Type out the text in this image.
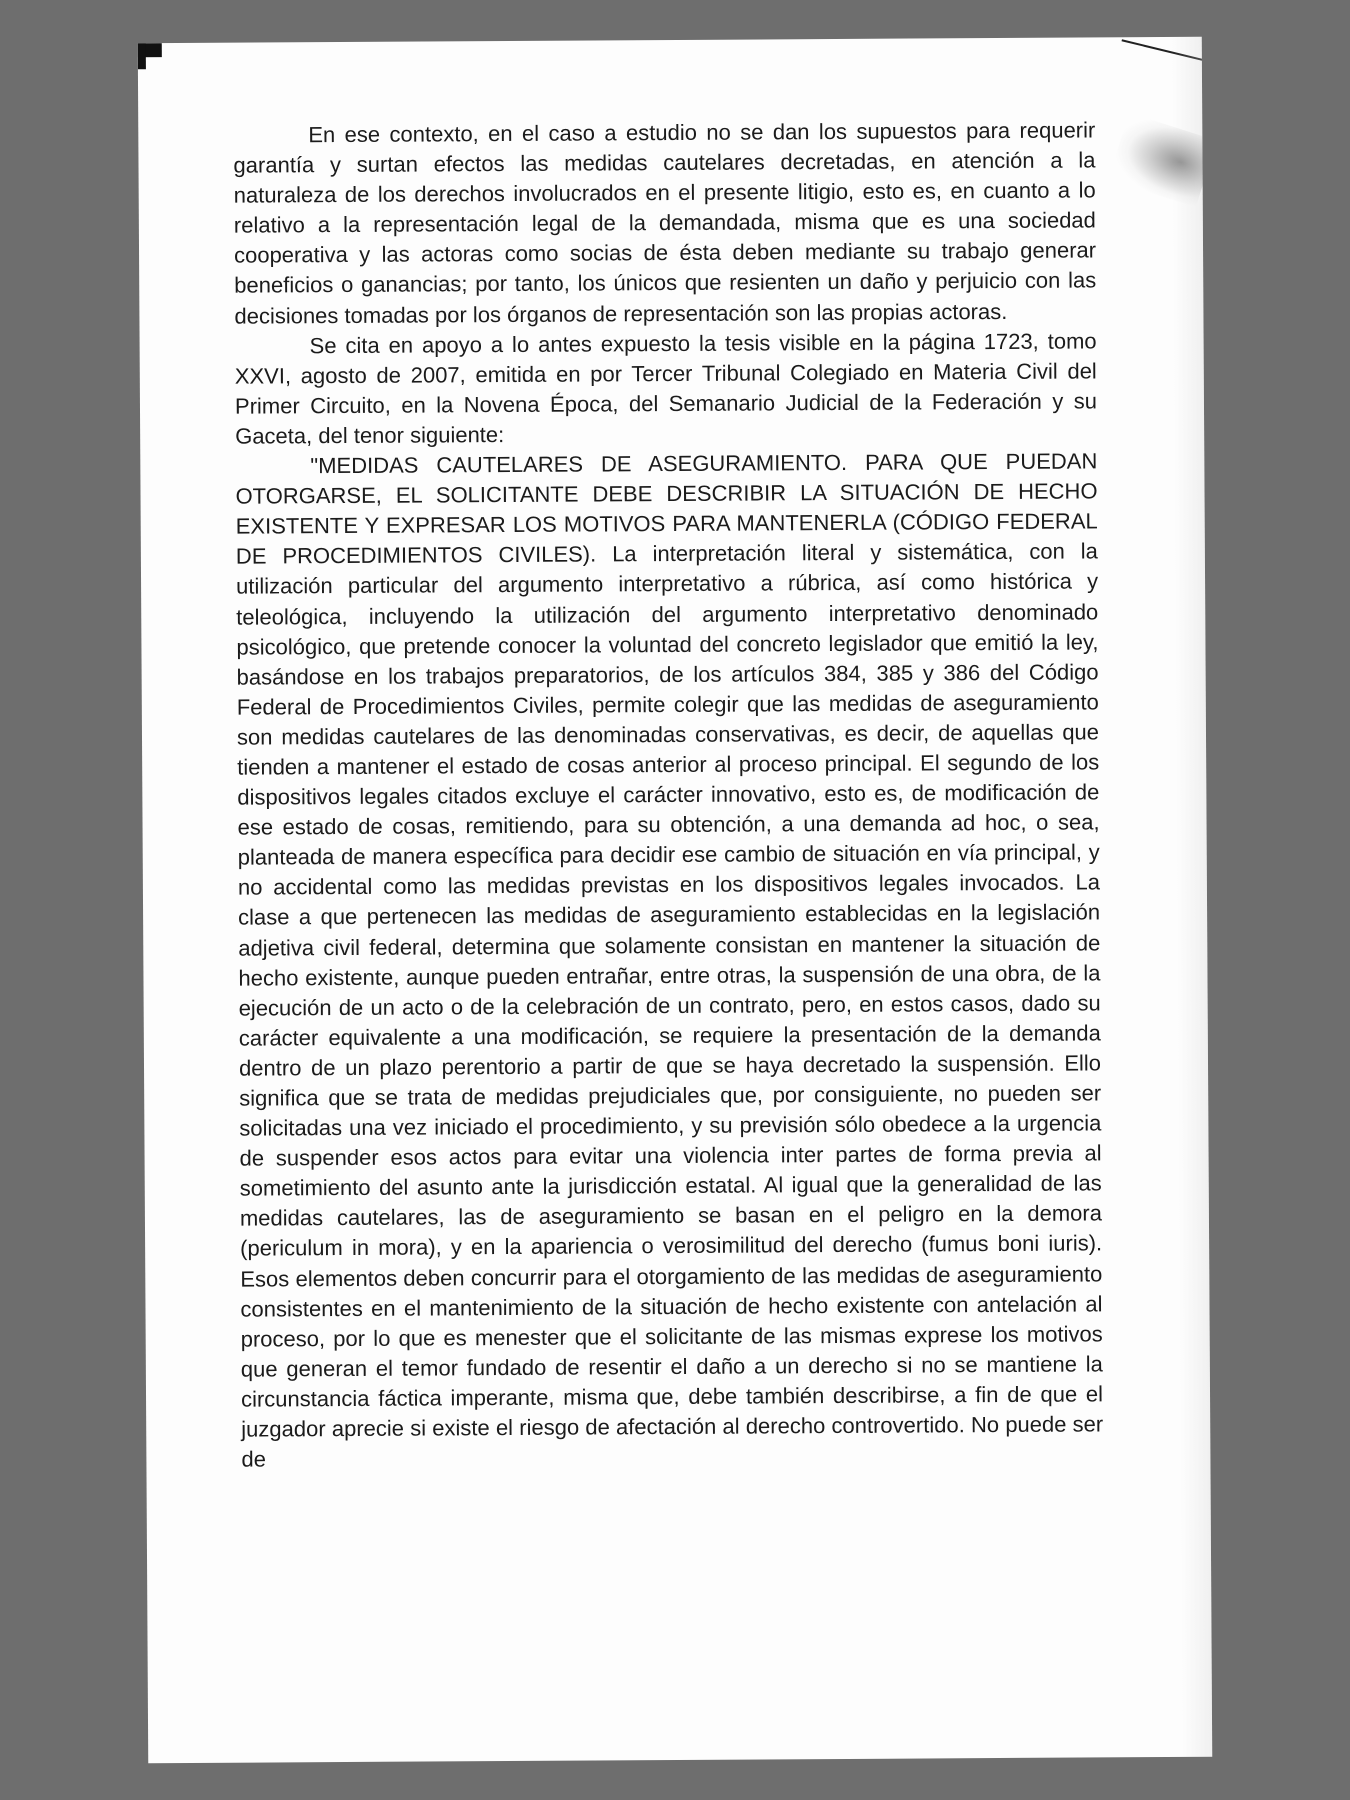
En ese contexto, en el caso a estudio no se dan los supuestos para requerir garantía y surtan efectos las medidas cautelares decretadas, en atención a la naturaleza de los derechos involucrados en el presente litigio, esto es, en cuanto a lo relativo a la representación legal de la demandada, misma que es una sociedad cooperativa y las actoras como socias de ésta deben mediante su trabajo generar beneficios o ganancias; por tanto, los únicos que resienten un daño y perjuicio con las decisiones tomadas por los órganos de representación son las propias actoras.

Se cita en apoyo a lo antes expuesto la tesis visible en la página 1723, tomo XXVI, agosto de 2007, emitida en por Tercer Tribunal Colegiado en Materia Civil del Primer Circuito, en la Novena Época, del Semanario Judicial de la Federación y su Gaceta, del tenor siguiente:

"MEDIDAS CAUTELARES DE ASEGURAMIENTO. PARA QUE PUEDAN OTORGARSE, EL SOLICITANTE DEBE DESCRIBIR LA SITUACIÓN DE HECHO EXISTENTE Y EXPRESAR LOS MOTIVOS PARA MANTENERLA (CÓDIGO FEDERAL DE PROCEDIMIENTOS CIVILES). La interpretación literal y sistemática, con la utilización particular del argumento interpretativo a rúbrica, así como histórica y teleológica, incluyendo la utilización del argumento interpretativo denominado psicológico, que pretende conocer la voluntad del concreto legislador que emitió la ley, basándose en los trabajos preparatorios, de los artículos 384, 385 y 386 del Código Federal de Procedimientos Civiles, permite colegir que las medidas de aseguramiento son medidas cautelares de las denominadas conservativas, es decir, de aquellas que tienden a mantener el estado de cosas anterior al proceso principal. El segundo de los dispositivos legales citados excluye el carácter innovativo, esto es, de modificación de ese estado de cosas, remitiendo, para su obtención, a una demanda ad hoc, o sea, planteada de manera específica para decidir ese cambio de situación en vía principal, y no accidental como las medidas previstas en los dispositivos legales invocados. La clase a que pertenecen las medidas de aseguramiento establecidas en la legislación adjetiva civil federal, determina que solamente consistan en mantener la situación de hecho existente, aunque pueden entrañar, entre otras, la suspensión de una obra, de la ejecución de un acto o de la celebración de un contrato, pero, en estos casos, dado su carácter equivalente a una modificación, se requiere la presentación de la demanda dentro de un plazo perentorio a partir de que se haya decretado la suspensión. Ello significa que se trata de medidas prejudiciales que, por consiguiente, no pueden ser solicitadas una vez iniciado el procedimiento, y su previsión sólo obedece a la urgencia de suspender esos actos para evitar una violencia inter partes de forma previa al sometimiento del asunto ante la jurisdicción estatal. Al igual que la generalidad de las medidas cautelares, las de aseguramiento se basan en el peligro en la demora (periculum in mora), y en la apariencia o verosimilitud del derecho (fumus boni iuris). Esos elementos deben concurrir para el otorgamiento de las medidas de aseguramiento consistentes en el mantenimiento de la situación de hecho existente con antelación al proceso, por lo que es menester que el solicitante de las mismas exprese los motivos que generan el temor fundado de resentir el daño a un derecho si no se mantiene la circunstancia fáctica imperante, misma que, debe también describirse, a fin de que el juzgador aprecie si existe el riesgo de afectación al derecho controvertido. No puede ser de
